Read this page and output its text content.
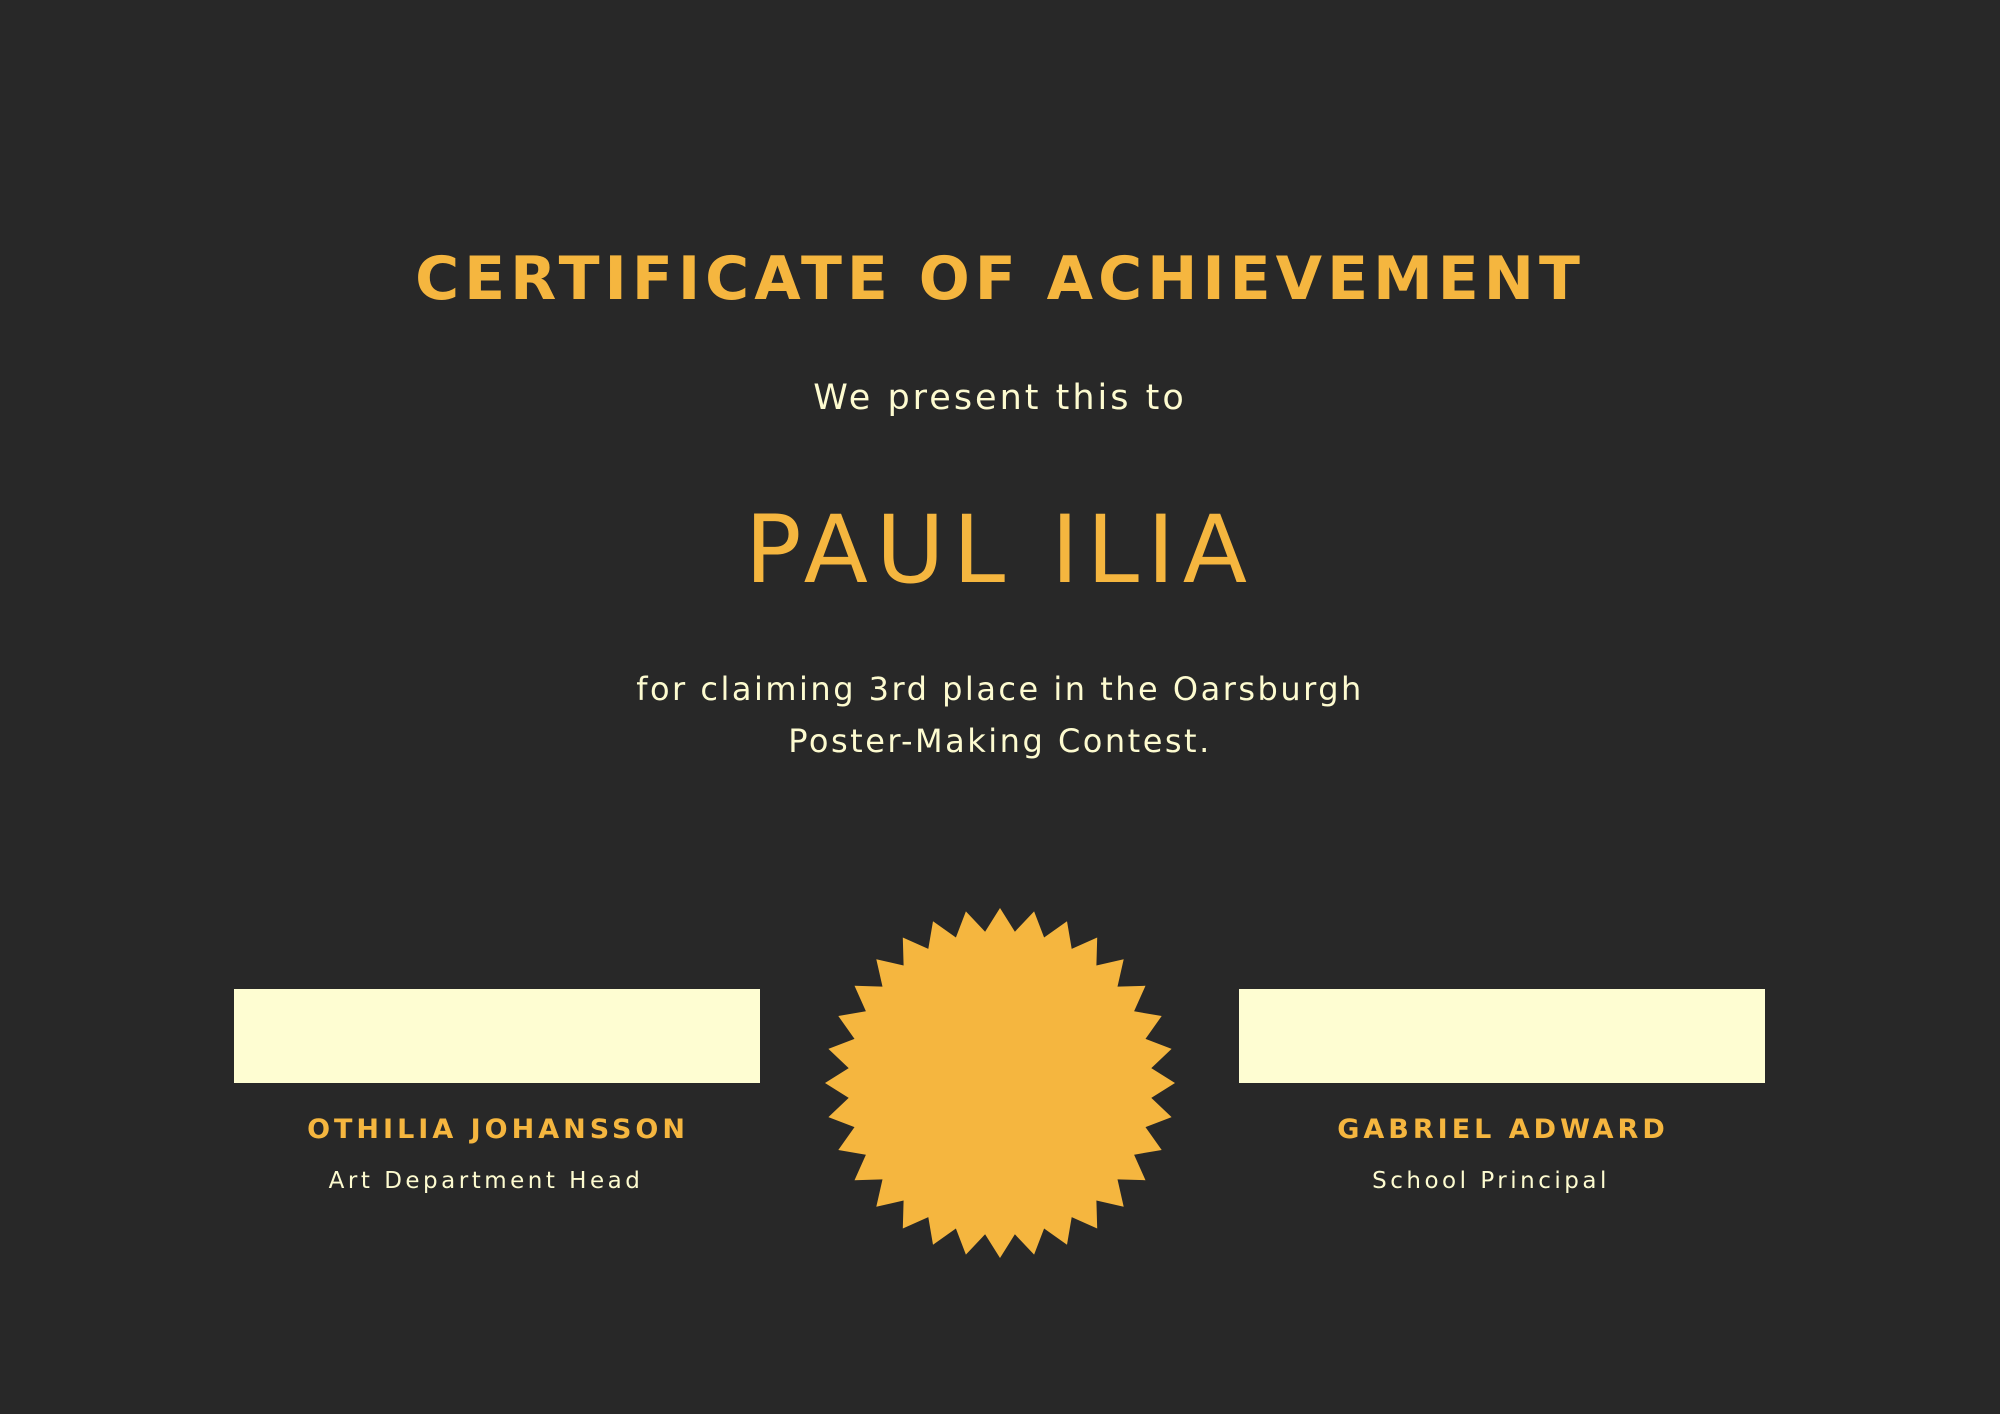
CERTIFICATE OF ACHIEVEMENT
We present this to
PAUL ILIA
for claiming 3rd place in the Oarsburgh
Poster-Making Contest.
OTHILIA JOHANSSON
Art Department Head
GABRIEL ADWARD
School Principal
